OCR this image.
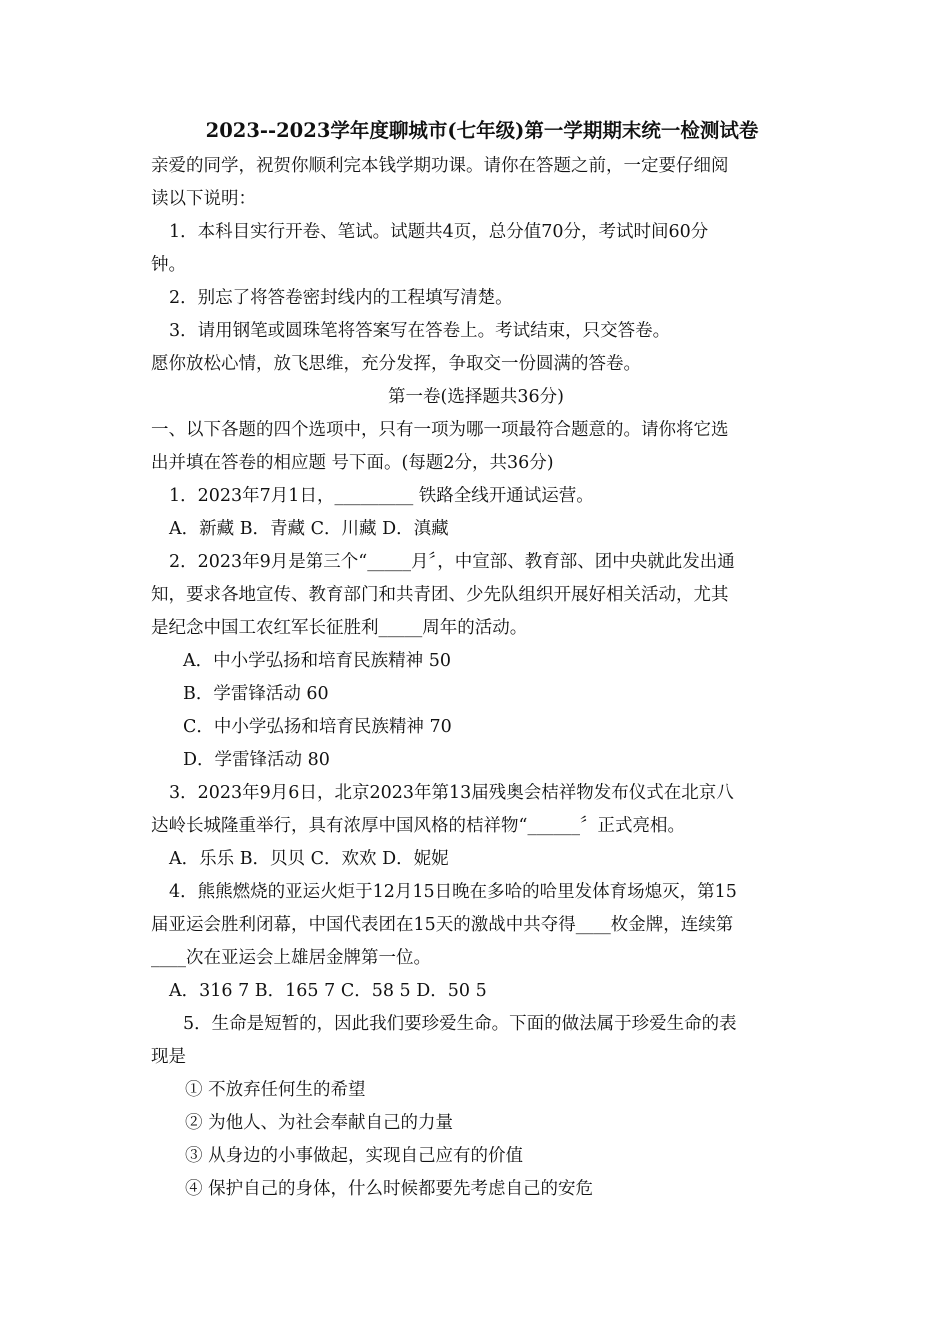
2023--2023学年度聊城市(七年级)第一学期期末统一检测试卷
亲爱的同学，祝贺你顺利完本钱学期功课。请你在答题之前，一定要仔细阅
读以下说明：
1．本科目实行开卷、笔试。试题共4页，总分值70分，考试时间60分
钟。
2．别忘了将答卷密封线内的工程填写清楚。
3．请用钢笔或圆珠笔将答案写在答卷上。考试结束，只交答卷。
愿你放松心情，放飞思维，充分发挥，争取交一份圆满的答卷。
第一卷(选择题共36分)
一、以下各题的四个选项中，只有一项为哪一项最符合题意的。请你将它选
出并填在答卷的相应题 号下面。(每题2分，共36分)
1．2023年7月1日，_________ 铁路全线开通试运营。
A．新藏 B．青藏 C．川藏 D．滇藏
2．2023年9月是第三个“_____月〞，中宣部、教育部、团中央就此发出通
知，要求各地宣传、教育部门和共青团、少先队组织开展好相关活动，尤其
是纪念中国工农红军长征胜利_____周年的活动。
A．中小学弘扬和培育民族精神 50
B．学雷锋活动 60
C．中小学弘扬和培育民族精神 70
D．学雷锋活动 80
3．2023年9月6日，北京2023年第13届残奥会桔祥物发布仪式在北京八
达岭长城隆重举行，具有浓厚中国风格的桔祥物“______〞正式亮相。
A．乐乐 B．贝贝 C．欢欢 D．妮妮
4．熊熊燃烧的亚运火炬于12月15日晚在多哈的哈里发体育场熄灭，第15
届亚运会胜利闭幕，中国代表团在15天的激战中共夺得____枚金牌，连续第
____次在亚运会上雄居金牌第一位。
A．316 7 B．165 7 C．58 5 D．50 5
5．生命是短暂的，因此我们要珍爱生命。下面的做法属于珍爱生命的表
现是
① 不放弃任何生的希望
② 为他人、为社会奉献自己的力量
③ 从身边的小事做起，实现自己应有的价值
④ 保护自己的身体，什么时候都要先考虑自己的安危
